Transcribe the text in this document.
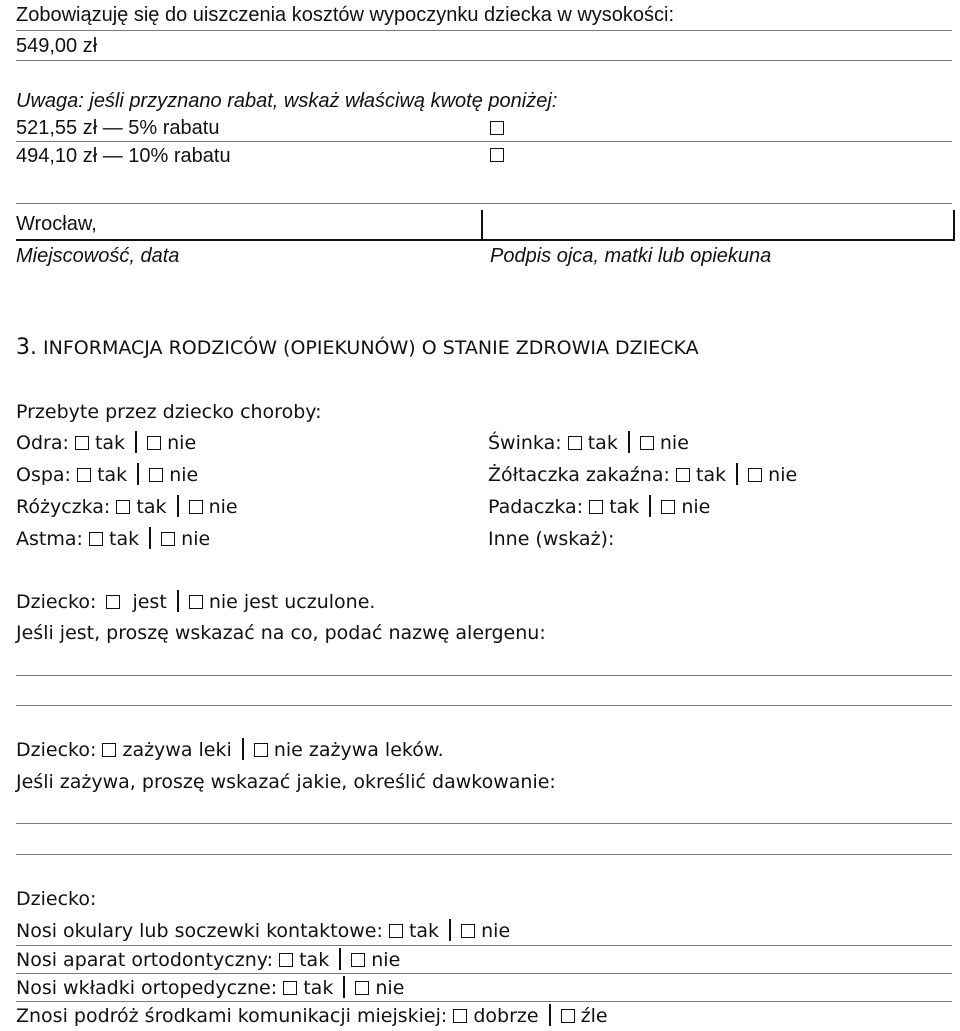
Zobowiązuję się do uiszczenia kosztów wypoczynku dziecka w wysokości:
549,00 zł
Uwaga: jeśli przyznano rabat, wskaż właściwą kwotę poniżej:
521,55 zł — 5% rabatu
494,10 zł — 10% rabatu
Wrocław,
Miejscowość, data	Podpis ojca, matki lub opiekuna
3. INFORMACJA RODZICÓW (OPIEKUNÓW) O STANIE ZDROWIA DZIECKA
Przebyte przez dziecko choroby:
Odra: tak nie
Ospa: tak nie
Różyczka: tak nie
Astma: tak nie
Świnka: tak nie
Żółtaczka zakaźna: tak nie
Padaczka: tak nie
Inne (wskaż):
Dziecko: jest nie jest uczulone.
Jeśli jest, proszę wskazać na co, podać nazwę alergenu:
Dziecko: zażywa leki nie zażywa leków.
Jeśli zażywa, proszę wskazać jakie, określić dawkowanie:
Dziecko:
Nosi okulary lub soczewki kontaktowe: tak nie
Nosi aparat ortodontyczny: tak nie
Nosi wkładki ortopedyczne: tak nie
Znosi podróż środkami komunikacji miejskiej: dobrze źle
